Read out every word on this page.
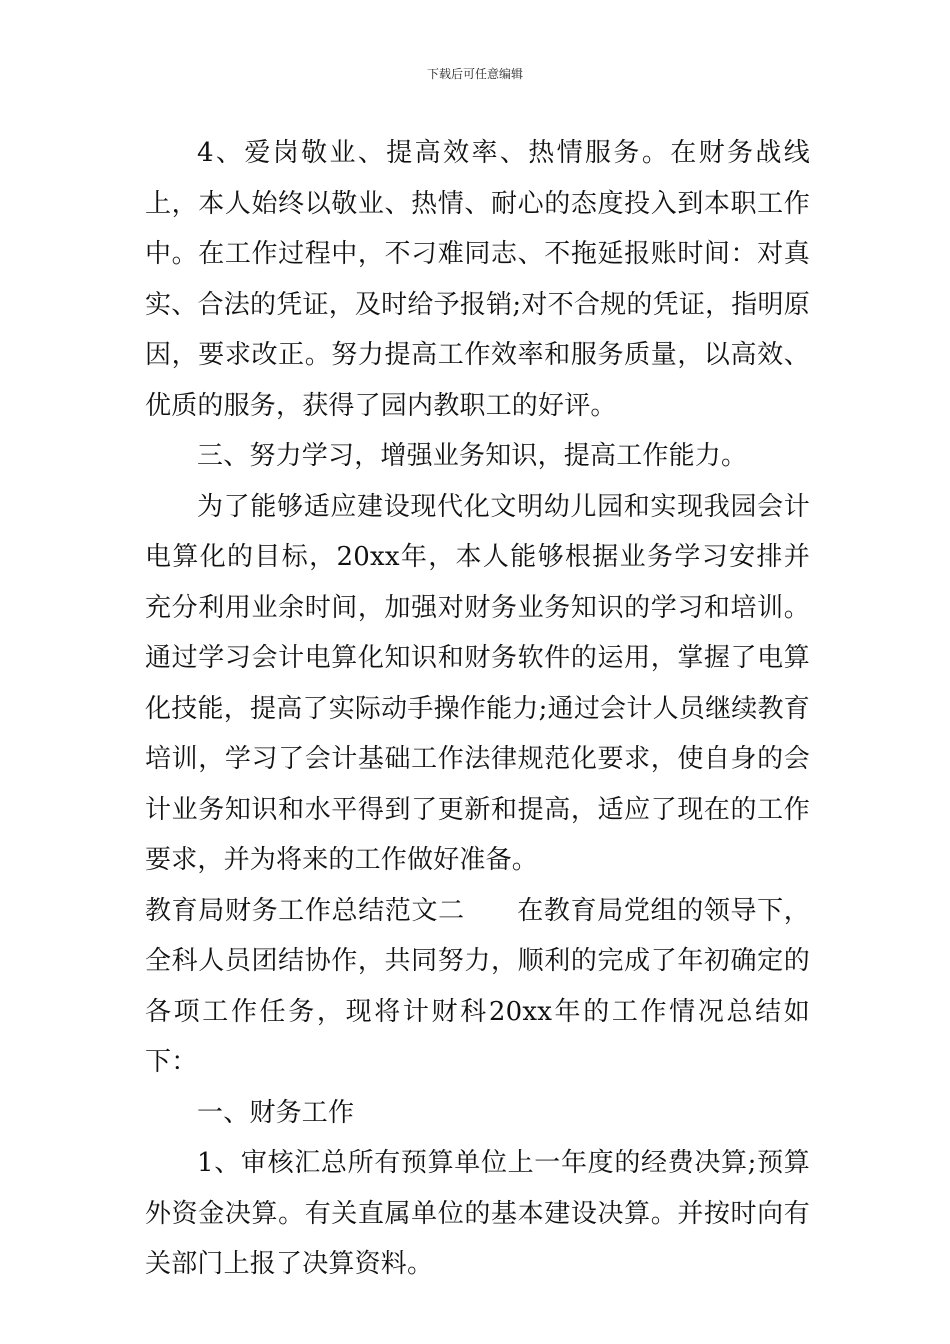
下载后可任意编辑

4、爱岗敬业、提高效率、热情服务。在财务战线上，本人始终以敬业、热情、耐心的态度投入到本职工作中。在工作过程中，不刁难同志、不拖延报账时间：对真实、合法的凭证，及时给予报销;对不合规的凭证，指明原因，要求改正。努力提高工作效率和服务质量，以高效、优质的服务，获得了园内教职工的好评。

三、努力学习，增强业务知识，提高工作能力。

为了能够适应建设现代化文明幼儿园和实现我园会计电算化的目标，20xx年，本人能够根据业务学习安排并充分利用业余时间，加强对财务业务知识的学习和培训。通过学习会计电算化知识和财务软件的运用，掌握了电算化技能，提高了实际动手操作能力;通过会计人员继续教育培训，学习了会计基础工作法律规范化要求，使自身的会计业务知识和水平得到了更新和提高，适应了现在的工作要求，并为将来的工作做好准备。

教育局财务工作总结范文二 在教育局党组的领导下，全科人员团结协作，共同努力，顺利的完成了年初确定的各项工作任务，现将计财科20xx年的工作情况总结如下：

一、财务工作

1、审核汇总所有预算单位上一年度的经费决算;预算外资金决算。有关直属单位的基本建设决算。并按时向有关部门上报了决算资料。
